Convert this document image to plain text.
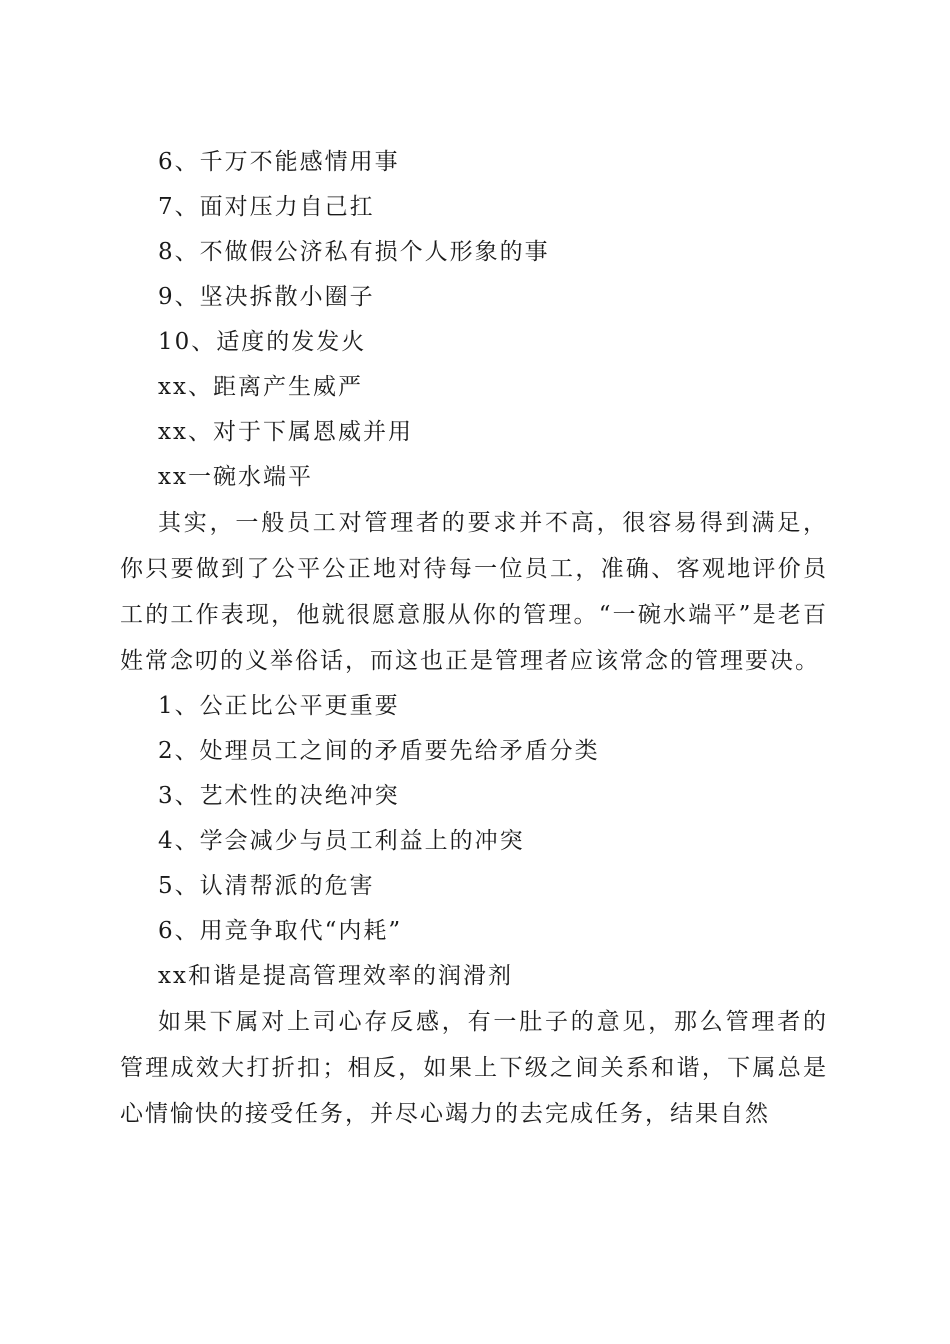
6、千万不能感情用事

7、面对压力自己扛

8、不做假公济私有损个人形象的事

9、坚决拆散小圈子

10、适度的发发火

xx、距离产生威严

xx、对于下属恩威并用

xx一碗水端平

其实，一般员工对管理者的要求并不高，很容易得到满足，你只要做到了公平公正地对待每一位员工，准确、客观地评价员工的工作表现，他就很愿意服从你的管理。“一碗水端平”是老百姓常念叨的义举俗话，而这也正是管理者应该常念的管理要决。

1、公正比公平更重要

2、处理员工之间的矛盾要先给矛盾分类

3、艺术性的决绝冲突

4、学会减少与员工利益上的冲突

5、认清帮派的危害

6、用竞争取代“内耗”

xx和谐是提高管理效率的润滑剂

如果下属对上司心存反感，有一肚子的意见，那么管理者的管理成效大打折扣；相反，如果上下级之间关系和谐，下属总是心情愉快的接受任务，并尽心竭力的去完成任务，结果自然
